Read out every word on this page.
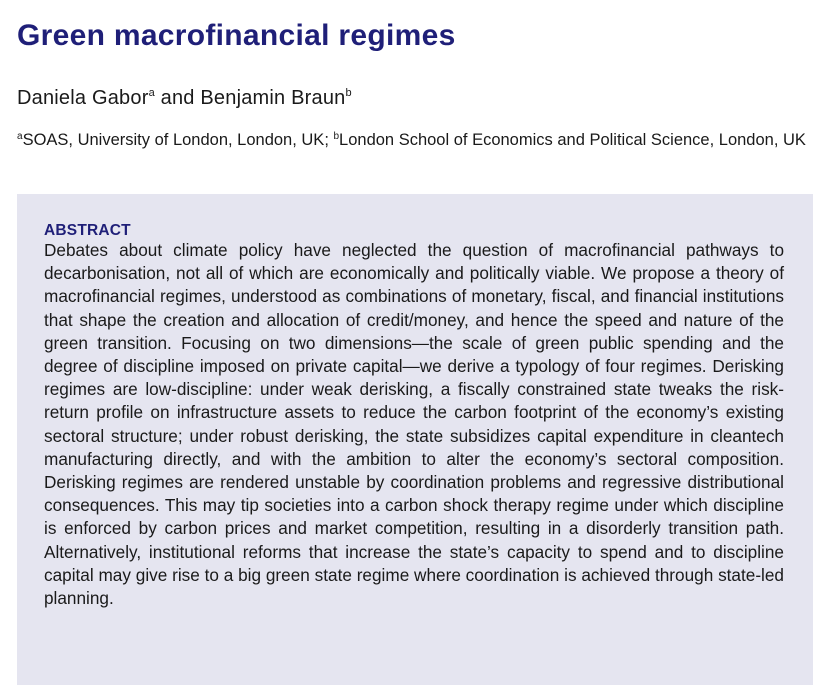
Green macrofinancial regimes
Daniela Gabor$^a$ and Benjamin Braun$^b$
$^a$SOAS, University of London, London, UK; $^b$London School of Economics and Political Science, London, UK
ABSTRACT

Debates about climate policy have neglected the question of macrofinancial pathways to decarbonisation, not all of which are economically and politically viable. We propose a theory of macrofinancial regimes, understood as combinations of monetary, fiscal, and financial institutions that shape the creation and allocation of credit/​money, and hence the speed and nature of the green transition. Focusing on two dimensions—the scale of green public spending and the degree of discipline imposed on private capital—we derive a typology of four regimes. Derisking regimes are low-discipline: under weak derisking, a fiscally constrained state tweaks the risk-return profile on infrastructure assets to reduce the carbon footprint of the economy’s existing sectoral structure; under robust derisking, the state subsidizes capital expenditure in cleantech manufacturing directly, and with the ambition to alter the economy’s sectoral composition. Derisking regimes are rendered unstable by coordination problems and regressive distributional consequences. This may tip societies into a carbon shock therapy regime under which discipline is enforced by carbon prices and market competition, resulting in a disorderly transition path. Alternatively, institutional reforms that increase the state’s capacity to spend and to discipline capital may give rise to a big green state regime where coordination is achieved through state-led planning.
